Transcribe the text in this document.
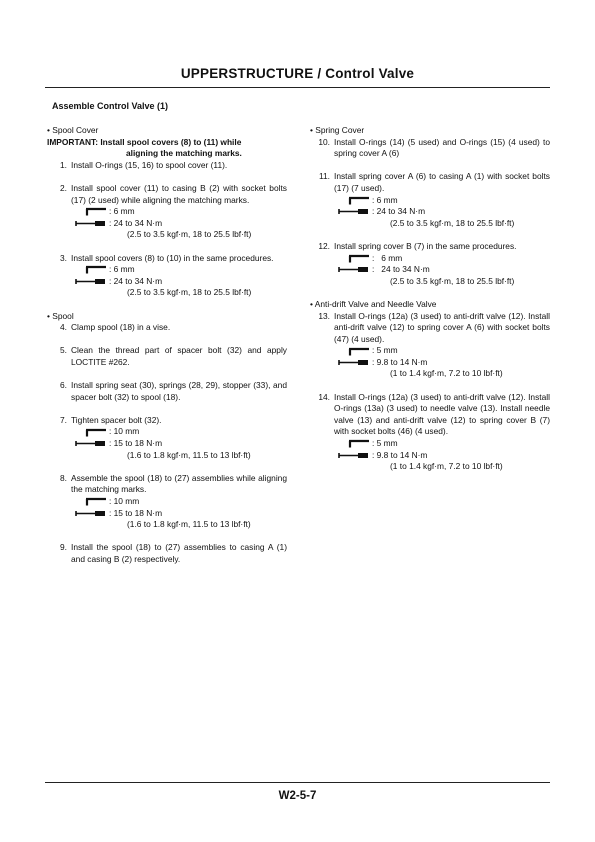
UPPERSTRUCTURE / Control Valve
Assemble Control Valve (1)
• Spool Cover
IMPORTANT: Install spool covers (8) to (11) while
aligning the matching marks.
1. Install O-rings (15, 16) to spool cover (11).
2. Install spool cover (11) to casing B (2) with socket bolts (17) (2 used) while aligning the matching marks.
: 6 mm
: 24 to 34 N·m
(2.5 to 3.5 kgf·m, 18 to 25.5 lbf·ft)
3. Install spool covers (8) to (10) in the same procedures.
: 6 mm
: 24 to 34 N·m
(2.5 to 3.5 kgf·m, 18 to 25.5 lbf·ft)
• Spool
4. Clamp spool (18) in a vise.
5. Clean the thread part of spacer bolt (32) and apply LOCTITE #262.
6. Install spring seat (30), springs (28, 29), stopper (33), and spacer bolt (32) to spool (18).
7. Tighten spacer bolt (32).
: 10 mm
: 15 to 18 N·m
(1.6 to 1.8 kgf·m, 11.5 to 13 lbf·ft)
8. Assemble the spool (18) to (27) assemblies while aligning the matching marks.
: 10 mm
: 15 to 18 N·m
(1.6 to 1.8 kgf·m, 11.5 to 13 lbf·ft)
9. Install the spool (18) to (27) assemblies to casing A (1) and casing B (2) respectively.
• Spring Cover
10. Install O-rings (14) (5 used) and O-rings (15) (4 used) to spring cover A (6)
11. Install spring cover A (6) to casing A (1) with socket bolts (17) (7 used).
: 6 mm
: 24 to 34 N·m
(2.5 to 3.5 kgf·m, 18 to 25.5 lbf·ft)
12. Install spring cover B (7) in the same procedures.
:   6 mm
:   24 to 34 N·m
(2.5 to 3.5 kgf·m, 18 to 25.5 lbf·ft)
• Anti-drift Valve and Needle Valve
13. Install O-rings (12a) (3 used) to anti-drift valve (12). Install anti-drift valve (12) to spring cover A (6) with socket bolts (47) (4 used).
: 5 mm
: 9.8 to 14 N·m
(1 to 1.4 kgf·m, 7.2 to 10 lbf·ft)
14. Install O-rings (12a) (3 used) to anti-drift valve (12). Install O-rings (13a) (3 used) to needle valve (13). Install needle valve (13) and anti-drift valve (12) to spring cover B (7) with socket bolts (46) (4 used).
: 5 mm
: 9.8 to 14 N·m
(1 to 1.4 kgf·m, 7.2 to 10 lbf·ft)
W2-5-7
